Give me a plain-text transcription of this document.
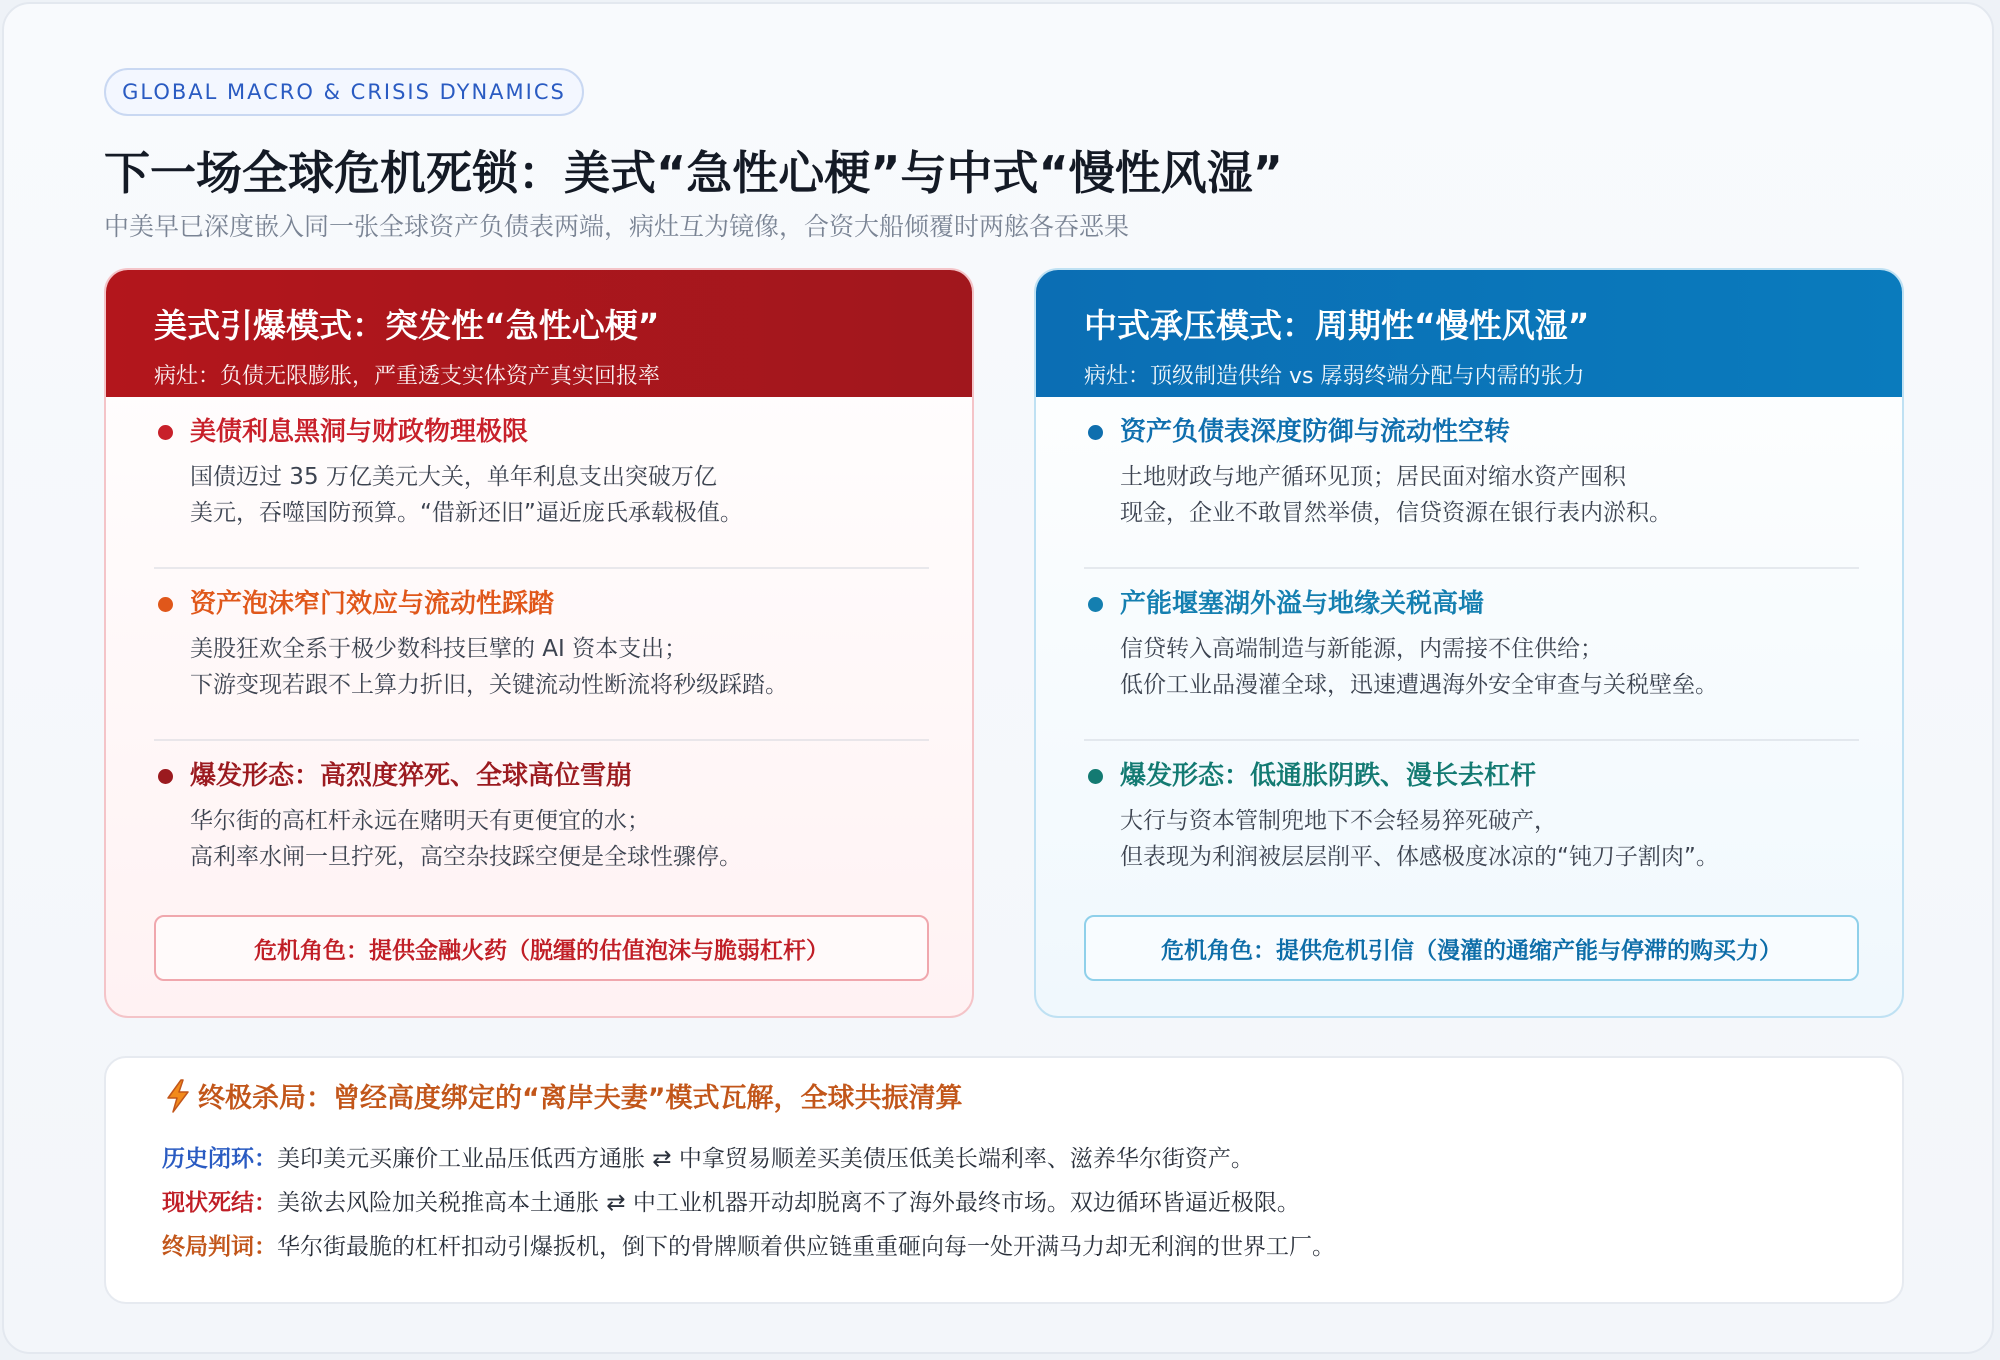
GLOBAL MACRO & CRISIS DYNAMICS
下一场全球危机死锁：美式“急性心梗”与中式“慢性风湿”
中美早已深度嵌入同一张全球资产负债表两端，病灶互为镜像，合资大船倾覆时两舷各吞恶果
美式引爆模式：突发性“急性心梗”
病灶：负债无限膨胀，严重透支实体资产真实回报率
美债利息黑洞与财政物理极限
国债迈过 35 万亿美元大关，单年利息支出突破万亿
美元，吞噬国防预算。“借新还旧”逼近庞氏承载极值。
资产泡沫窄门效应与流动性踩踏
美股狂欢全系于极少数科技巨擘的 AI 资本支出；
下游变现若跟不上算力折旧，关键流动性断流将秒级踩踏。
爆发形态：高烈度猝死、全球高位雪崩
华尔街的高杠杆永远在赌明天有更便宜的水；
高利率水闸一旦拧死，高空杂技踩空便是全球性骤停。
危机角色：提供金融火药（脱缰的估值泡沫与脆弱杠杆）
中式承压模式：周期性“慢性风湿”
病灶：顶级制造供给 vs 孱弱终端分配与内需的张力
资产负债表深度防御与流动性空转
土地财政与地产循环见顶；居民面对缩水资产囤积
现金，企业不敢冒然举债，信贷资源在银行表内淤积。
产能堰塞湖外溢与地缘关税高墙
信贷转入高端制造与新能源，内需接不住供给；
低价工业品漫灌全球，迅速遭遇海外安全审查与关税壁垒。
爆发形态：低通胀阴跌、漫长去杠杆
大行与资本管制兜地下不会轻易猝死破产，
但表现为利润被层层削平、体感极度冰凉的“钝刀子割肉”。
危机角色：提供危机引信（漫灌的通缩产能与停滞的购买力）
终极杀局：曾经高度绑定的“离岸夫妻”模式瓦解，全球共振清算
历史闭环：美印美元买廉价工业品压低西方通胀 ⇄ 中拿贸易顺差买美债压低美长端利率、滋养华尔街资产。
现状死结：美欲去风险加关税推高本土通胀 ⇄ 中工业机器开动却脱离不了海外最终市场。双边循环皆逼近极限。
终局判词：华尔街最脆的杠杆扣动引爆扳机，倒下的骨牌顺着供应链重重砸向每一处开满马力却无利润的世界工厂。
